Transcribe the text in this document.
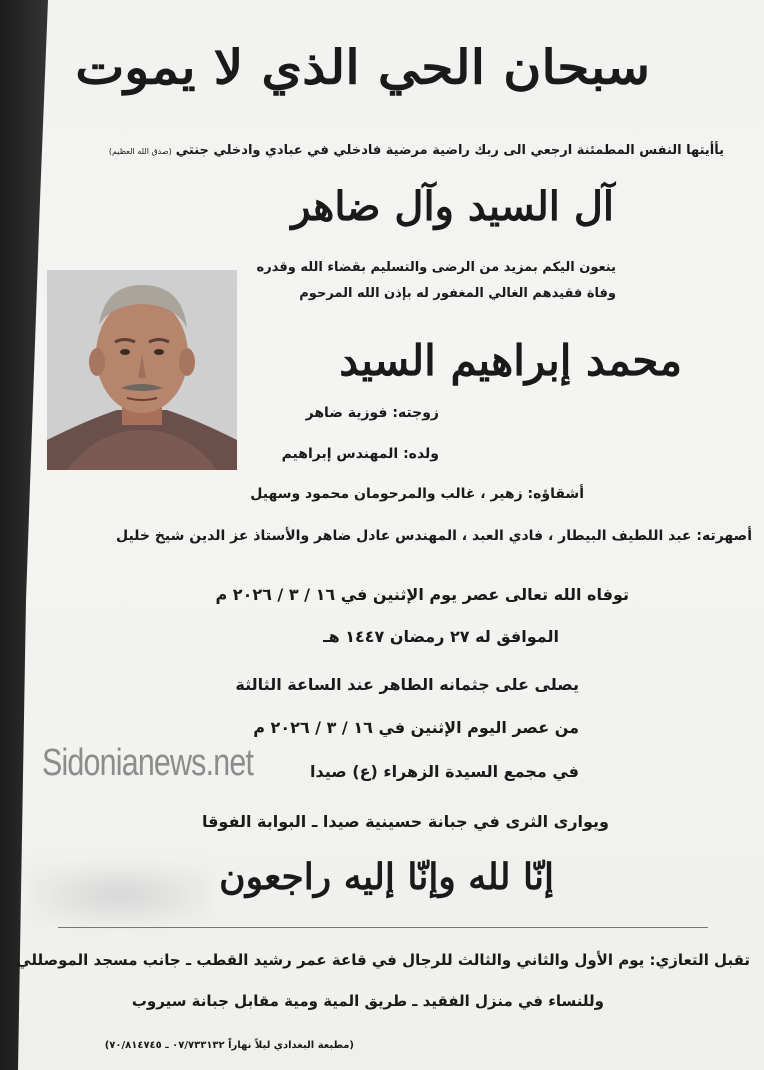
سبحان الحي الذي لا يموت
يأأيتها النفس المطمئنة ارجعي الى ربك راضية مرضية فادخلي في عبادي وادخلي جنتي(صدق الله العظيم)
آل السيد وآل ضاهر
ينعون اليكم بمزيد من الرضى والتسليم بقضاء الله وقدره
وفاة فقيدهم الغالي المغفور له بإذن الله المرحوم
محمد إبراهيم السيد
زوجته: فوزية ضاهر
ولده: المهندس إبراهيم
أشقاؤه: زهير ، غالب والمرحومان محمود وسهيل
أصهرته: عبد اللطيف البيطار ، فادي العبد ، المهندس عادل ضاهر والأستاذ عز الدين شيخ خليل
توفاه الله تعالى عصر يوم الإثنين في ١٦ / ٣ / ٢٠٢٦ م
الموافق له ٢٧ رمضان ١٤٤٧ هـ
يصلى على جثمانه الطاهر عند الساعة الثالثة
من عصر اليوم الإثنين في ١٦ / ٣ / ٢٠٢٦ م
في مجمع السيدة الزهراء (ع) صيدا
ويوارى الثرى في جبانة حسينية صيدا ـ البوابة الفوقا
إنّا لله وإنّا إليه راجعون
تقبل التعازي: يوم الأول والثاني والثالث للرجال في قاعة عمر رشيد القطب ـ جانب مسجد الموصللي
وللنساء في منزل الفقيد ـ طريق المية ومية مقابل جبانة سيروب
(مطبعة البغدادي ليلاً نهاراً ٠٧/٧٣٣١٣٢ ـ ٧٠/٨١٤٧٤٥)
Sidonianews.net
